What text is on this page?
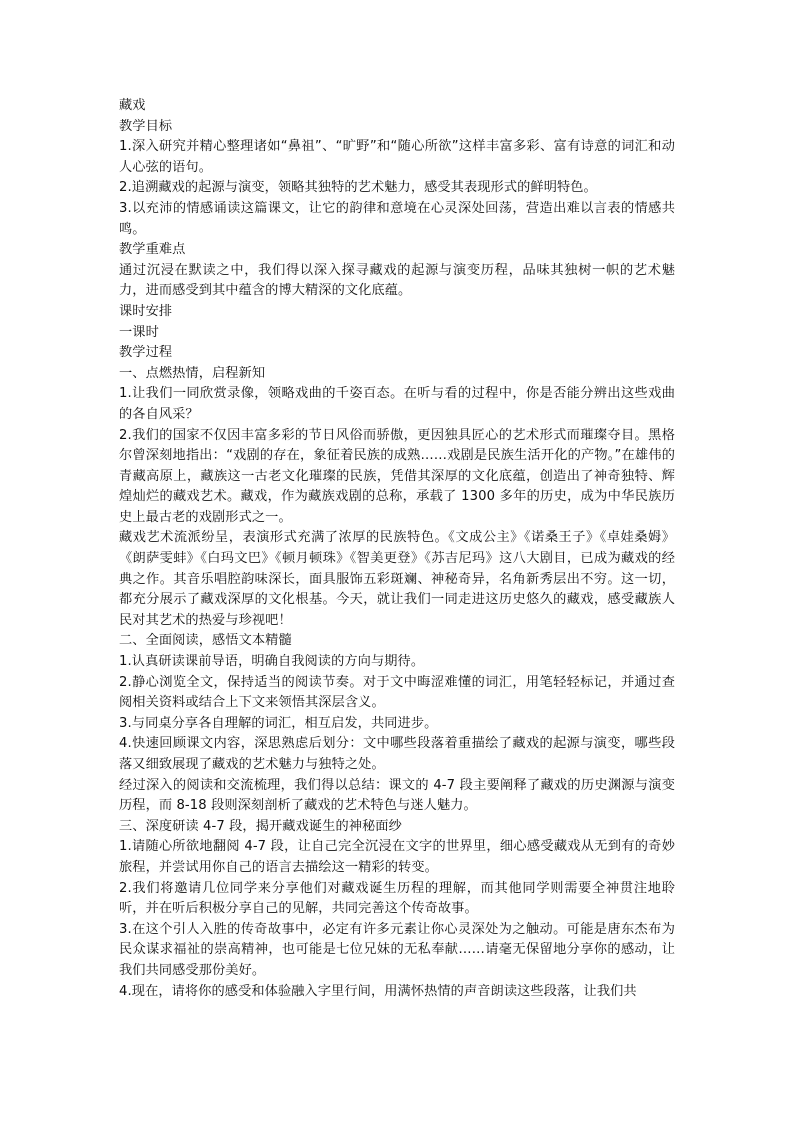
藏戏

教学目标

1.深入研究并精心整理诸如“鼻祖”、“旷野”和“随心所欲”这样丰富多彩、富有诗意的词汇和动人心弦的语句。

2.追溯藏戏的起源与演变，领略其独特的艺术魅力，感受其表现形式的鲜明特色。

3.以充沛的情感诵读这篇课文，让它的韵律和意境在心灵深处回荡，营造出难以言表的情感共鸣。

教学重难点

通过沉浸在默读之中，我们得以深入探寻藏戏的起源与演变历程，品味其独树一帜的艺术魅力，进而感受到其中蕴含的博大精深的文化底蕴。

课时安排

一课时

教学过程

一、点燃热情，启程新知

1.让我们一同欣赏录像，领略戏曲的千姿百态。在听与看的过程中，你是否能分辨出这些戏曲的各自风采？

2.我们的国家不仅因丰富多彩的节日风俗而骄傲，更因独具匠心的艺术形式而璀璨夺目。黑格尔曾深刻地指出：“戏剧的存在，象征着民族的成熟……戏剧是民族生活开化的产物。”在雄伟的青藏高原上，藏族这一古老文化璀璨的民族，凭借其深厚的文化底蕴，创造出了神奇独特、辉煌灿烂的藏戏艺术。藏戏，作为藏族戏剧的总称，承载了 1300 多年的历史，成为中华民族历史上最古老的戏剧形式之一。

藏戏艺术流派纷呈，表演形式充满了浓厚的民族特色。《文成公主》《诺桑王子》《卓娃桑姆》《朗萨雯蚌》《白玛文巴》《顿月顿珠》《智美更登》《苏吉尼玛》这八大剧目，已成为藏戏的经典之作。其音乐唱腔韵味深长，面具服饰五彩斑斓、神秘奇异，名角新秀层出不穷。这一切，都充分展示了藏戏深厚的文化根基。今天，就让我们一同走进这历史悠久的藏戏，感受藏族人民对其艺术的热爱与珍视吧！

二、全面阅读，感悟文本精髓

1.认真研读课前导语，明确自我阅读的方向与期待。

2.静心浏览全文，保持适当的阅读节奏。对于文中晦涩难懂的词汇，用笔轻轻标记，并通过查阅相关资料或结合上下文来领悟其深层含义。

3.与同桌分享各自理解的词汇，相互启发，共同进步。

4.快速回顾课文内容，深思熟虑后划分：文中哪些段落着重描绘了藏戏的起源与演变，哪些段落又细致展现了藏戏的艺术魅力与独特之处。

经过深入的阅读和交流梳理，我们得以总结：课文的 4-7 段主要阐释了藏戏的历史渊源与演变历程，而 8-18 段则深刻剖析了藏戏的艺术特色与迷人魅力。

三、深度研读 4-7 段，揭开藏戏诞生的神秘面纱

1.请随心所欲地翻阅 4-7 段，让自己完全沉浸在文字的世界里，细心感受藏戏从无到有的奇妙旅程，并尝试用你自己的语言去描绘这一精彩的转变。

2.我们将邀请几位同学来分享他们对藏戏诞生历程的理解，而其他同学则需要全神贯注地聆听，并在听后积极分享自己的见解，共同完善这个传奇故事。

3.在这个引人入胜的传奇故事中，必定有许多元素让你心灵深处为之触动。可能是唐东杰布为民众谋求福祉的崇高精神，也可能是七位兄妹的无私奉献……请毫无保留地分享你的感动，让我们共同感受那份美好。

4.现在，请将你的感受和体验融入字里行间，用满怀热情的声音朗读这些段落，让我们共
